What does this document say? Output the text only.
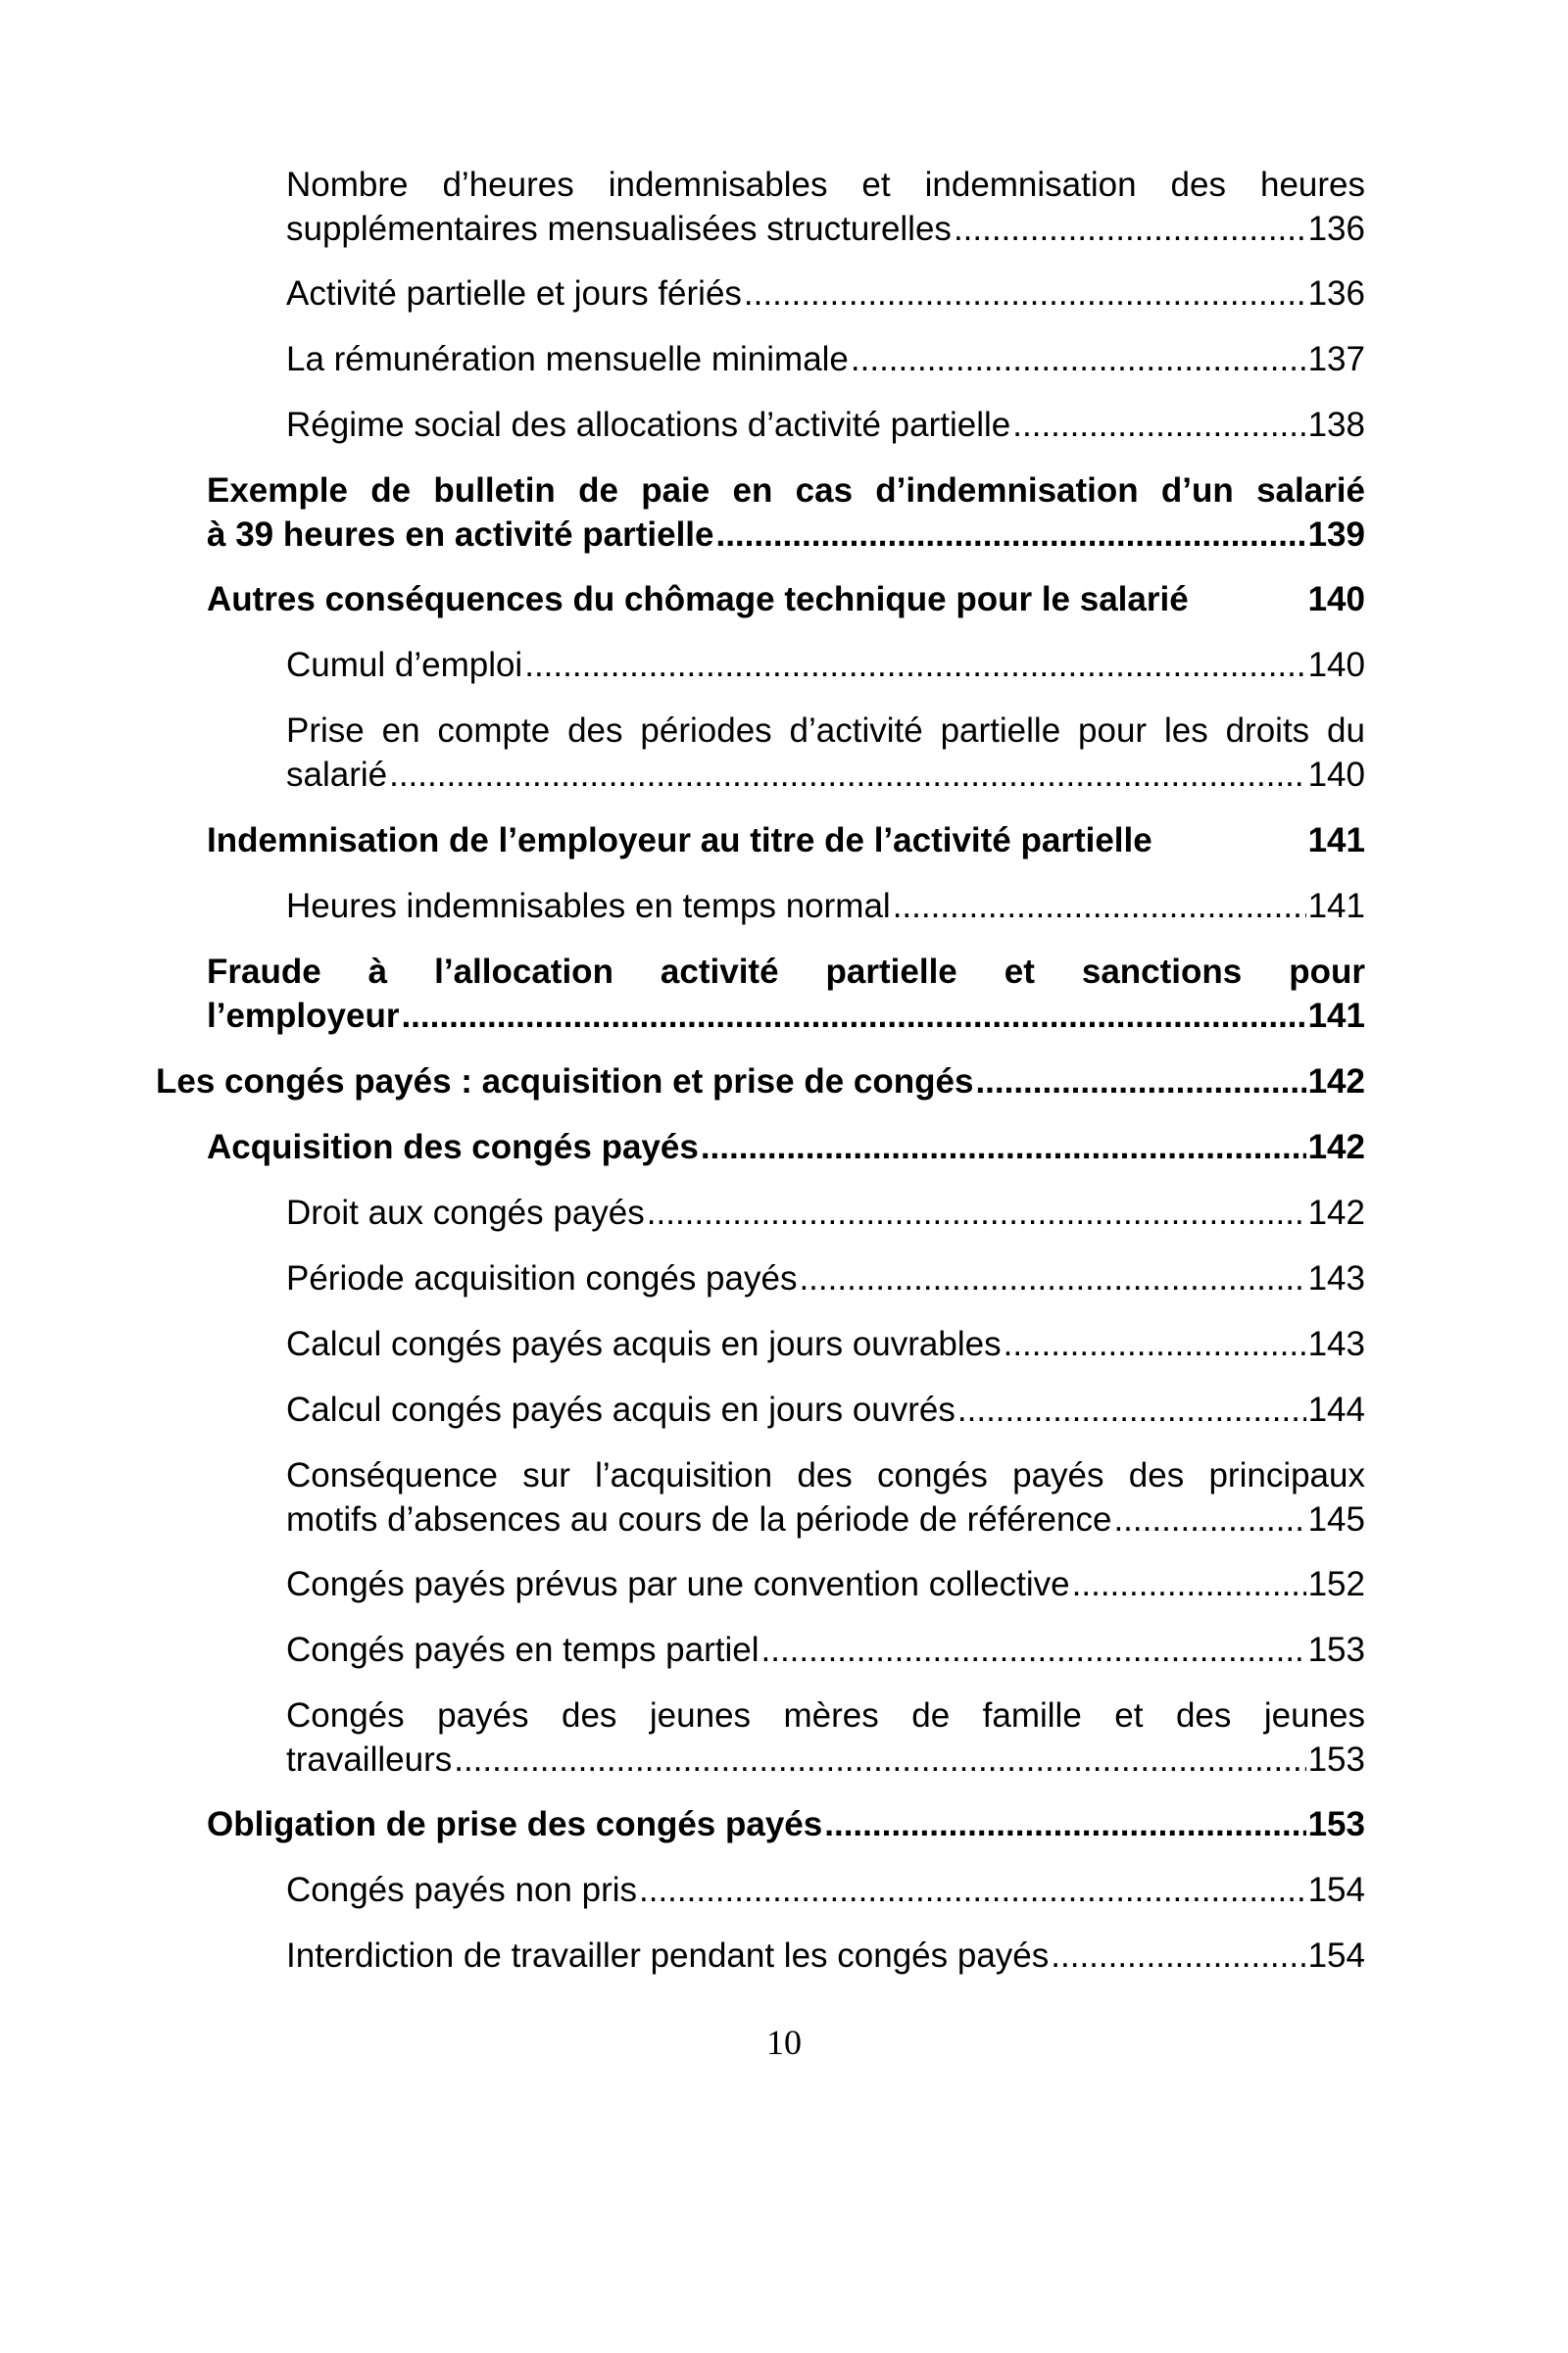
Nombre d’heures indemnisables et indemnisation des heures
supplémentaires mensualisées structurelles .....	136
Activité partielle et jours fériés .....	136
La rémunération mensuelle minimale .....	137
Régime social des allocations d’activité partielle .....	138
Exemple de bulletin de paie en cas d’indemnisation d’un salarié
à 39 heures en activité partielle .....	139
Autres conséquences du chômage technique pour le salarié	140
Cumul d’emploi .....	140
Prise en compte des périodes d’activité partielle pour les droits du
salarié .....	140
Indemnisation de l’employeur au titre de l’activité partielle	141
Heures indemnisables en temps normal .....	141
Fraude à l’allocation activité partielle et sanctions pour
l’employeur .....	141
Les congés payés : acquisition et prise de congés .....	142
Acquisition des congés payés .....	142
Droit aux congés payés .....	142
Période acquisition congés payés .....	143
Calcul congés payés acquis en jours ouvrables .....	143
Calcul congés payés acquis en jours ouvrés .....	144
Conséquence sur l’acquisition des congés payés des principaux
motifs d’absences au cours de la période de référence .....	145
Congés payés prévus par une convention collective .....	152
Congés payés en temps partiel .....	153
Congés payés des jeunes mères de famille et des jeunes
travailleurs .....	153
Obligation de prise des congés payés .....	153
Congés payés non pris .....	154
Interdiction de travailler pendant les congés payés .....	154
10
